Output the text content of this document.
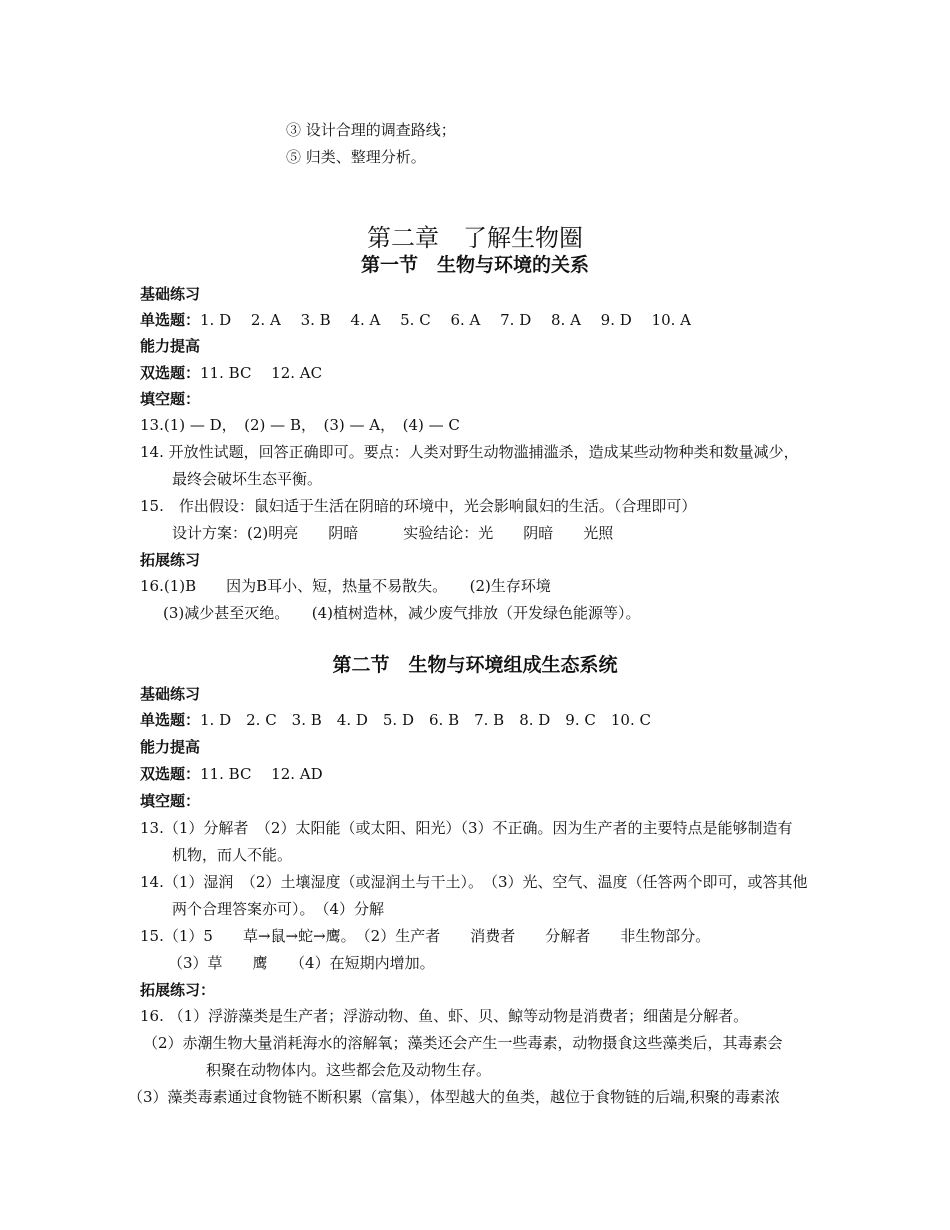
③ 设计合理的调查路线；
⑤ 归类、整理分析。
第二章　了解生物圈
第一节　生物与环境的关系
基础练习
单选题：1. D　 2. A　 3. B　 4. A　 5. C　 6. A　 7. D　 8. A　 9. D　 10. A
能力提高
双选题：11. BC　 12. AC
填空题：
13.(1) — D，　(2) — B，　(3) — A，　(4) — C
14. 开放性试题，回答正确即可。要点：人类对野生动物滥捕滥杀，造成某些动物种类和数量减少，
最终会破坏生态平衡。
15.　作出假设：鼠妇适于生活在阴暗的环境中，光会影响鼠妇的生活。（合理即可）
设计方案：(2)明亮　　阴暗　　　实验结论：光　　阴暗　　光照
拓展练习
16.(1)B　　因为B耳小、短，热量不易散失。　　(2)生存环境
(3)减少甚至灭绝。　　(4)植树造林，减少废气排放（开发绿色能源等）。
第二节　生物与环境组成生态系统
基础练习
单选题：1. D　2. C　3. B　4. D　5. D　6. B　7. B　8. D　9. C　10. C
能力提高
双选题：11. BC　 12. AD
填空题：
13.（1）分解者　（2）太阳能（或太阳、阳光）（3）不正确。因为生产者的主要特点是能够制造有
机物，而人不能。
14.（1）湿润　（2）土壤湿度（或湿润土与干土）。　（3）光、空气、温度（任答两个即可，或答其他
两个合理答案亦可）。　（4）分解
15.（1）5　　草→鼠→蛇→鹰。　（2）生产者　　消费者　　分解者　　非生物部分。
（3）草　　鹰　　（4）在短期内增加。
拓展练习：
16. （1）浮游藻类是生产者；浮游动物、鱼、虾、贝、鲸等动物是消费者；细菌是分解者。
（2）赤潮生物大量消耗海水的溶解氧；藻类还会产生一些毒素，动物摄食这些藻类后，其毒素会
积聚在动物体内。这些都会危及动物生存。
（3）藻类毒素通过食物链不断积累（富集），体型越大的鱼类，越位于食物链的后端,积聚的毒素浓
